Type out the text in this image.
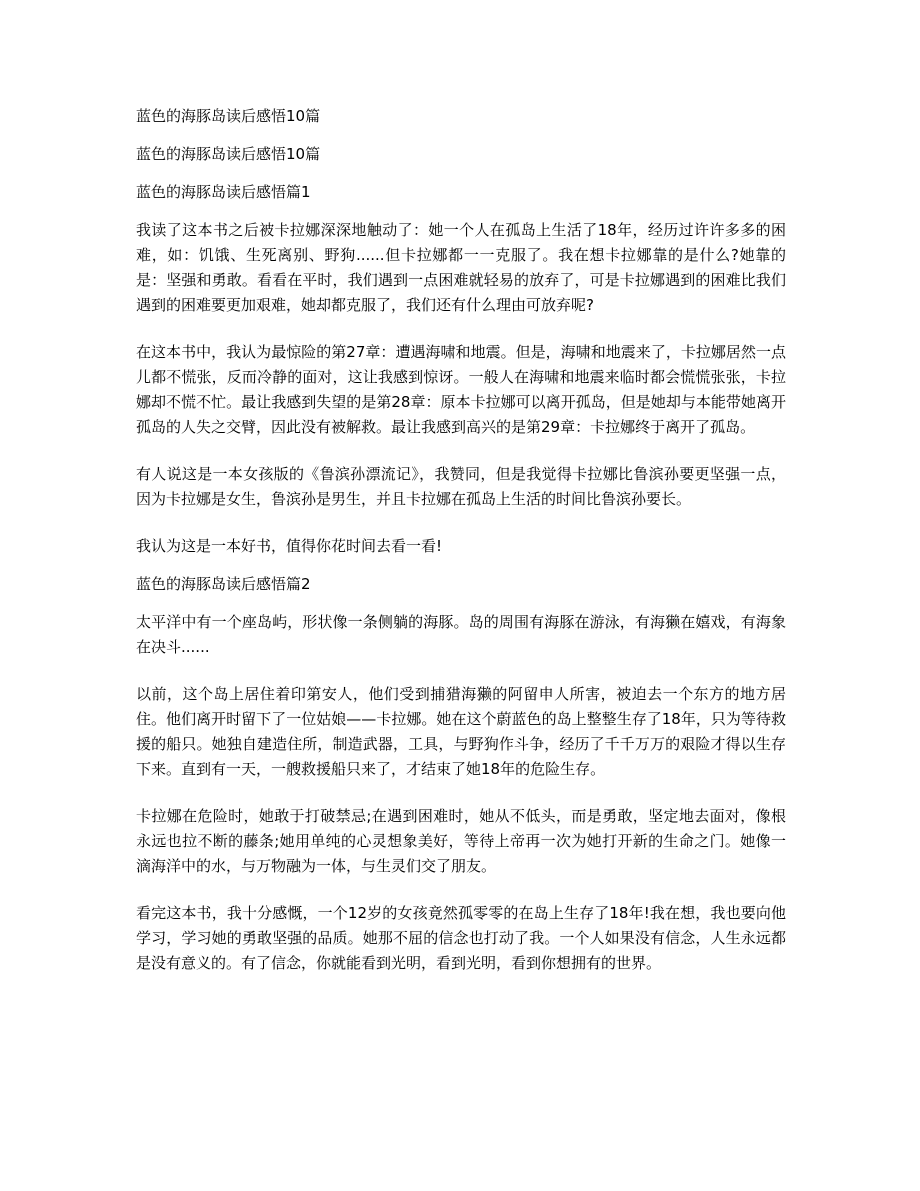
蓝色的海豚岛读后感悟10篇

蓝色的海豚岛读后感悟10篇

蓝色的海豚岛读后感悟篇1

我读了这本书之后被卡拉娜深深地触动了：她一个人在孤岛上生活了18年，经历过许许多多的困难，如：饥饿、生死离别、野狗......但卡拉娜都一一克服了。我在想卡拉娜靠的是什么?她靠的是：坚强和勇敢。看看在平时，我们遇到一点困难就轻易的放弃了，可是卡拉娜遇到的困难比我们遇到的困难要更加艰难，她却都克服了，我们还有什么理由可放弃呢?

在这本书中，我认为最惊险的第27章：遭遇海啸和地震。但是，海啸和地震来了，卡拉娜居然一点儿都不慌张，反而冷静的面对，这让我感到惊讶。一般人在海啸和地震来临时都会慌慌张张，卡拉娜却不慌不忙。最让我感到失望的是第28章：原本卡拉娜可以离开孤岛，但是她却与本能带她离开孤岛的人失之交臂，因此没有被解救。最让我感到高兴的是第29章：卡拉娜终于离开了孤岛。

有人说这是一本女孩版的《鲁滨孙漂流记》，我赞同，但是我觉得卡拉娜比鲁滨孙要更坚强一点，因为卡拉娜是女生，鲁滨孙是男生，并且卡拉娜在孤岛上生活的时间比鲁滨孙要长。

我认为这是一本好书，值得你花时间去看一看!

蓝色的海豚岛读后感悟篇2

太平洋中有一个座岛屿，形状像一条侧躺的海豚。岛的周围有海豚在游泳，有海獭在嬉戏，有海象在决斗......

以前，这个岛上居住着印第安人，他们受到捕猎海獭的阿留申人所害，被迫去一个东方的地方居住。他们离开时留下了一位姑娘——卡拉娜。她在这个蔚蓝色的岛上整整生存了18年，只为等待救援的船只。她独自建造住所，制造武器，工具，与野狗作斗争，经历了千千万万的艰险才得以生存下来。直到有一天，一艘救援船只来了，才结束了她18年的危险生存。

卡拉娜在危险时，她敢于打破禁忌;在遇到困难时，她从不低头，而是勇敢，坚定地去面对，像根永远也拉不断的藤条;她用单纯的心灵想象美好，等待上帝再一次为她打开新的生命之门。她像一滴海洋中的水，与万物融为一体，与生灵们交了朋友。

看完这本书，我十分感慨，一个12岁的女孩竟然孤零零的在岛上生存了18年!我在想，我也要向他学习，学习她的勇敢坚强的品质。她那不屈的信念也打动了我。一个人如果没有信念，人生永远都是没有意义的。有了信念，你就能看到光明，看到光明，看到你想拥有的世界。
